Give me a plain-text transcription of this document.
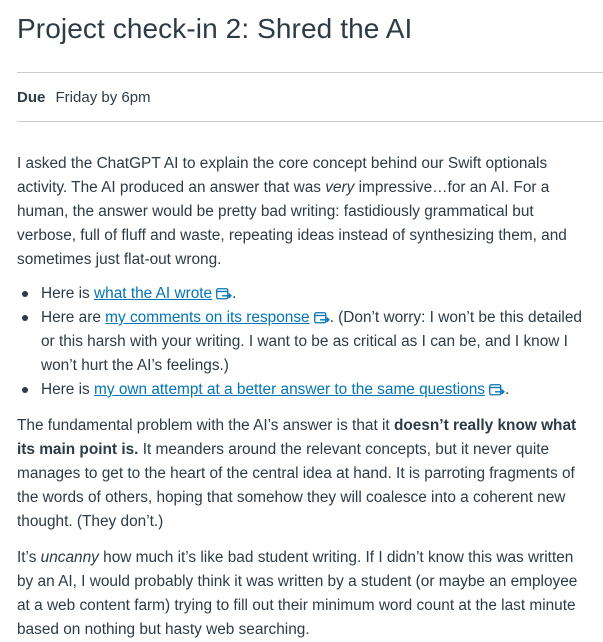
Project check-in 2: Shred the AI
Due Friday by 6pm

I asked the ChatGPT AI to explain the core concept behind our Swift optionals activity. The AI produced an answer that was very impressive…for an AI. For a human, the answer would be pretty bad writing: fastidiously grammatical but verbose, full of fluff and waste, repeating ideas instead of synthesizing them, and sometimes just flat-out wrong.

Here is what the AI wrote .
Here are my comments on its response . (Don’t worry: I won’t be this detailed or this harsh with your writing. I want to be as critical as I can be, and I know I won’t hurt the AI’s feelings.)
Here is my own attempt at a better answer to the same questions .

The fundamental problem with the AI’s answer is that it doesn’t really know what its main point is. It meanders around the relevant concepts, but it never quite manages to get to the heart of the central idea at hand. It is parroting fragments of the words of others, hoping that somehow they will coalesce into a coherent new thought. (They don’t.)

It’s uncanny how much it’s like bad student writing. If I didn’t know this was written by an AI, I would probably think it was written by a student (or maybe an employee at a web content farm) trying to fill out their minimum word count at the last minute based on nothing but hasty web searching.
